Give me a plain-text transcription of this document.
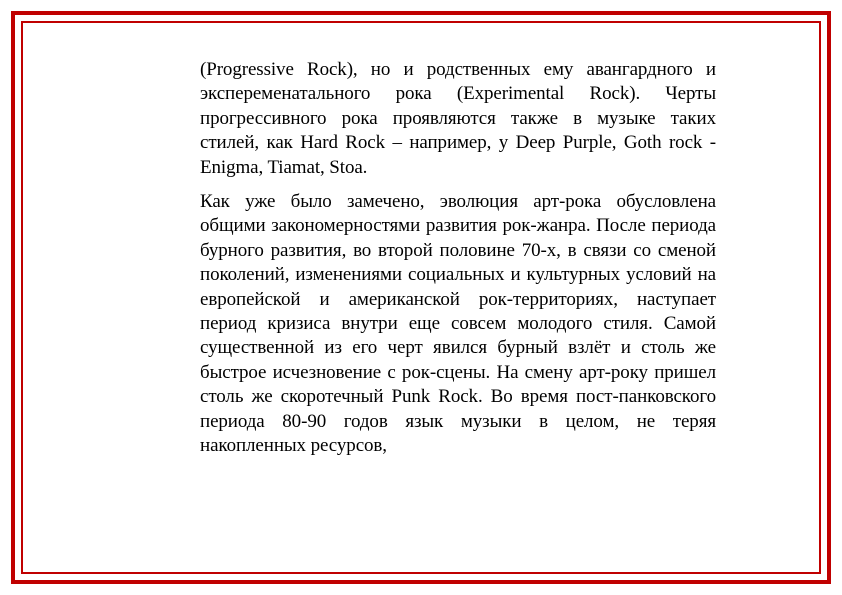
(Progressive Rock), но и родственных ему авангардного и экспеременатального рока (Experimental Rock). Черты прогрессивного рока проявляются также в музыке таких стилей, как Hard Rock – например, у Deep Purple, Goth rock - Enigma, Tiamat, Stoa.

Как уже было замечено, эволюция арт-рока обусловлена общими закономерностями развития рок-жанра. После периода бурного развития, во второй половине 70-х, в связи со сменой поколений, изменениями социальных и культурных условий на европейской и американской рок-территориях, наступает период кризиса внутри еще совсем молодого стиля. Самой существенной из его черт явился бурный взлёт и столь же быстрое исчезновение с рок-сцены. На смену арт-року пришел столь же скоротечный Punk Rock. Во время пост-панковского периода 80-90 годов язык музыки в целом, не теряя накопленных ресурсов,
